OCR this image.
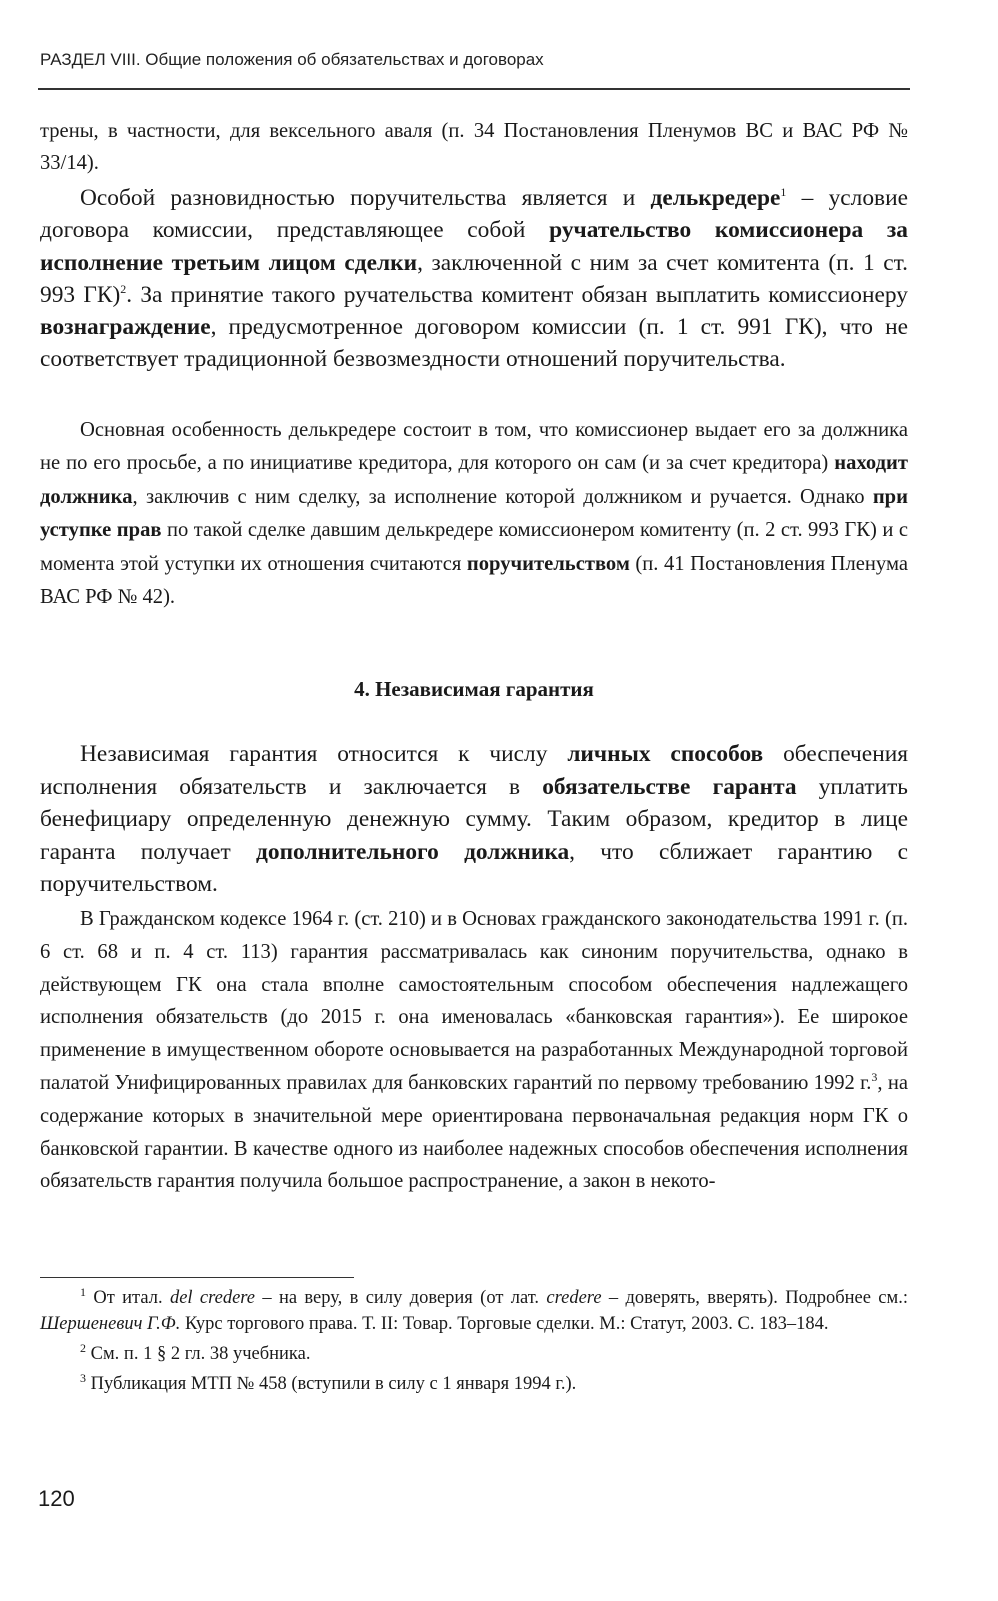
РАЗДЕЛ VIII. Общие положения об обязательствах и договорах

трены, в частности, для вексельного аваля (п. 34 Постановления Пленумов ВС и ВАС РФ № 33/14).

Особой разновидностью поручительства является и делькредере$^1$ – условие договора комиссии, представляющее собой ручательство комиссионера за исполнение третьим лицом сделки, заключенной с ним за счет комитента (п. 1 ст. 993 ГК)$^2$. За принятие такого ручательства комитент обязан выплатить комиссионеру вознаграждение, предусмотренное договором комиссии (п. 1 ст. 991 ГК), что не соответствует традиционной безвозмездности отношений поручительства.

Основная особенность делькредере состоит в том, что комиссионер выдает его за должника не по его просьбе, а по инициативе кредитора, для которого он сам (и за счет кредитора) находит должника, заключив с ним сделку, за исполнение которой должником и ручается. Однако при уступке прав по такой сделке давшим делькредере комиссионером комитенту (п. 2 ст. 993 ГК) и с момента этой уступки их отношения считаются поручительством (п. 41 Постановления Пленума ВАС РФ № 42).

4. Независимая гарантия

Независимая гарантия относится к числу личных способов обеспечения исполнения обязательств и заключается в обязательстве гаранта уплатить бенефициару определенную денежную сумму. Таким образом, кредитор в лице гаранта получает дополнительного должника, что сближает гарантию с поручительством.

В Гражданском кодексе 1964 г. (ст. 210) и в Основах гражданского законодательства 1991 г. (п. 6 ст. 68 и п. 4 ст. 113) гарантия рассматривалась как синоним поручительства, однако в действующем ГК она стала вполне самостоятельным способом обеспечения надлежащего исполнения обязательств (до 2015 г. она именовалась «банковская гарантия»). Ее широкое применение в имущественном обороте основывается на разработанных Международной торговой палатой Унифицированных правилах для банковских гарантий по первому требованию 1992 г.$^3$, на содержание которых в значительной мере ориентирована первоначальная редакция норм ГК о банковской гарантии. В качестве одного из наиболее надежных способов обеспечения исполнения обязательств гарантия получила большое распространение, а закон в некото-

$^1$ От итал. del credere – на веру, в силу доверия (от лат. credere – доверять, вверять). Подробнее см.: Шершеневич Г.Ф. Курс торгового права. Т. II: Товар. Торговые сделки. М.: Статут, 2003. С. 183–184.

$^2$ См. п. 1 § 2 гл. 38 учебника.

$^3$ Публикация МТП № 458 (вступили в силу с 1 января 1994 г.).

120
